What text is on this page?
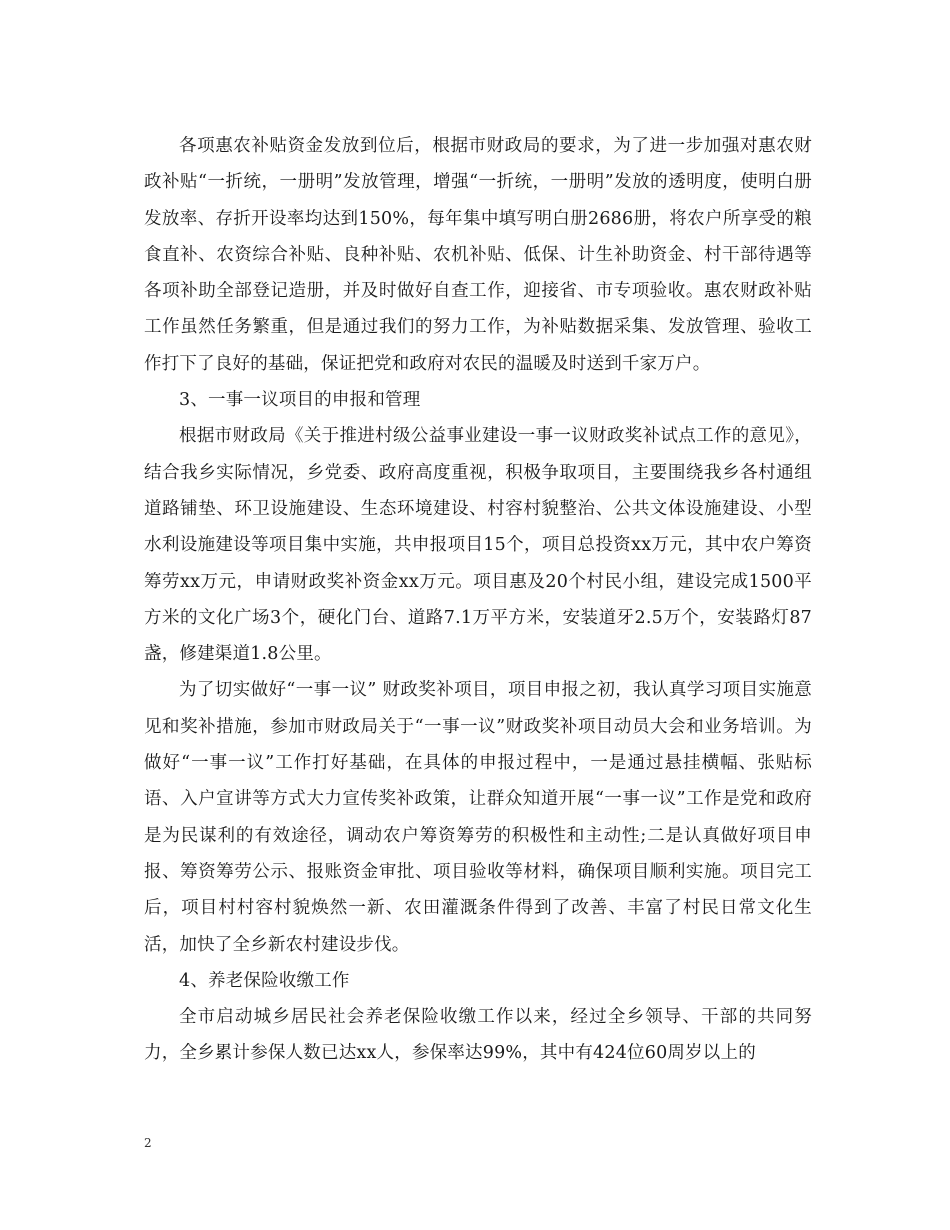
各项惠农补贴资金发放到位后，根据市财政局的要求，为了进一步加强对惠农财政补贴“一折统，一册明”发放管理，增强“一折统，一册明”发放的透明度，使明白册发放率、存折开设率均达到150%，每年集中填写明白册2686册，将农户所享受的粮食直补、农资综合补贴、良种补贴、农机补贴、低保、计生补助资金、村干部待遇等各项补助全部登记造册，并及时做好自查工作，迎接省、市专项验收。惠农财政补贴工作虽然任务繁重，但是通过我们的努力工作，为补贴数据采集、发放管理、验收工作打下了良好的基础，保证把党和政府对农民的温暖及时送到千家万户。

3、一事一议项目的申报和管理

根据市财政局《关于推进村级公益事业建设一事一议财政奖补试点工作的意见》，结合我乡实际情况，乡党委、政府高度重视，积极争取项目，主要围绕我乡各村通组道路铺垫、环卫设施建设、生态环境建设、村容村貌整治、公共文体设施建设、小型水利设施建设等项目集中实施，共申报项目15个，项目总投资xx万元，其中农户筹资筹劳xx万元，申请财政奖补资金xx万元。项目惠及20个村民小组，建设完成1500平方米的文化广场3个，硬化门台、道路7.1万平方米，安装道牙2.5万个，安装路灯87盏，修建渠道1.8公里。

为了切实做好“一事一议” 财政奖补项目，项目申报之初，我认真学习项目实施意见和奖补措施，参加市财政局关于“一事一议”财政奖补项目动员大会和业务培训。为做好“一事一议”工作打好基础，在具体的申报过程中，一是通过悬挂横幅、张贴标语、入户宣讲等方式大力宣传奖补政策，让群众知道开展“一事一议”工作是党和政府是为民谋利的有效途径，调动农户筹资筹劳的积极性和主动性;二是认真做好项目申报、筹资筹劳公示、报账资金审批、项目验收等材料，确保项目顺利实施。项目完工后，项目村村容村貌焕然一新、农田灌溉条件得到了改善、丰富了村民日常文化生活，加快了全乡新农村建设步伐。

4、养老保险收缴工作

全市启动城乡居民社会养老保险收缴工作以来，经过全乡领导、干部的共同努力，全乡累计参保人数已达xx人，参保率达99%，其中有424位60周岁以上的

2
